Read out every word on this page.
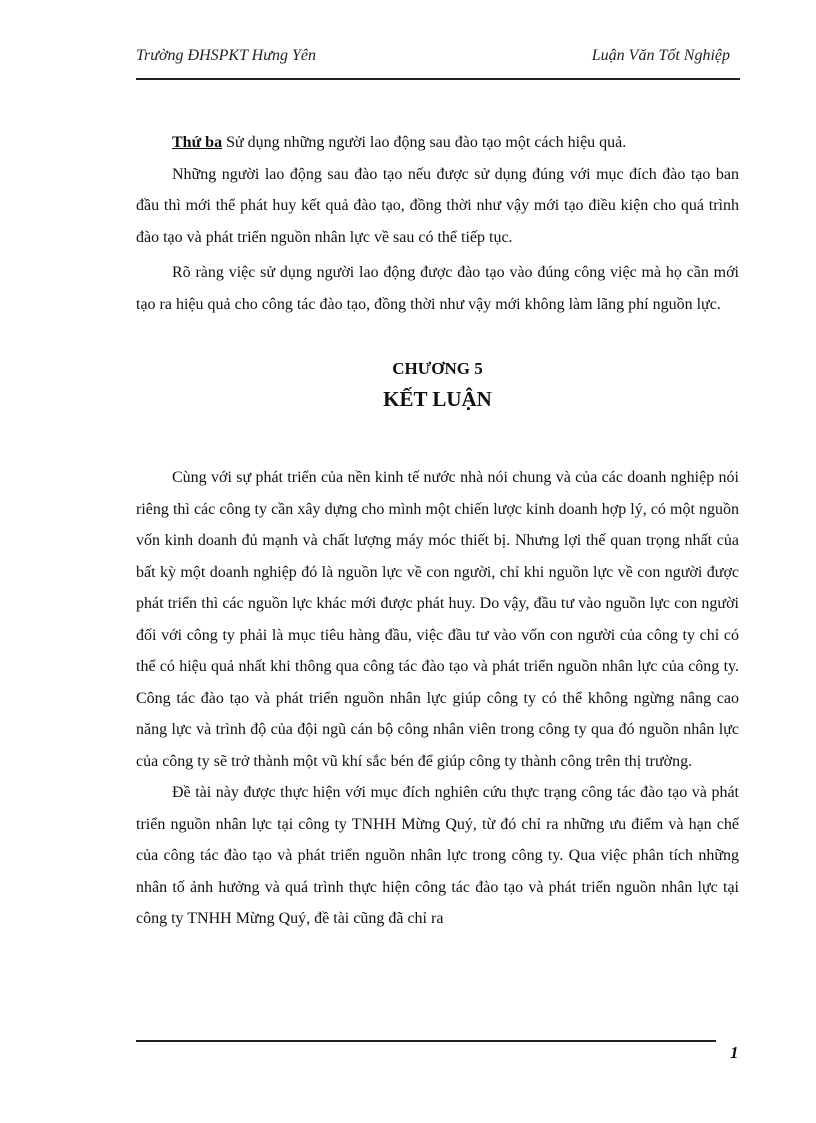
Trường ĐHSPKT Hưng Yên	Luận Văn Tốt Nghiệp

Thứ ba Sử dụng những người lao động sau đào tạo một cách hiệu quả.

Những người lao động sau đào tạo nếu được sử dụng đúng với mục đích đào tạo ban đầu thì mới thể phát huy kết quả đào tạo, đồng thời như vậy mới tạo điều kiện cho quá trình đào tạo và phát triển nguồn nhân lực về sau có thể tiếp tục.

Rõ ràng việc sử dụng người lao động được đào tạo vào đúng công việc mà họ cần mới tạo ra hiệu quả cho công tác đào tạo, đồng thời như vậy mới không làm lãng phí nguồn lực.

CHƯƠNG 5
KẾT LUẬN

Cùng với sự phát triển của nền kinh tế nước nhà nói chung và của các doanh nghiệp nói riêng thì các công ty cần xây dựng cho mình một chiến lược kinh doanh hợp lý, có một nguồn vốn kinh doanh đủ mạnh và chất lượng máy móc thiết bị. Nhưng lợi thế quan trọng nhất của bất kỳ một doanh nghiệp đó là nguồn lực về con người, chỉ khi nguồn lực về con người được phát triển thì các nguồn lực khác mới được phát huy. Do vậy, đầu tư vào nguồn lực con người đối với công ty phải là mục tiêu hàng đầu, việc đầu tư vào vốn con người của công ty chỉ có thể có hiệu quả nhất khi thông qua công tác đào tạo và phát triển nguồn nhân lực của công ty. Công tác đào tạo và phát triển nguồn nhân lực giúp công ty có thể không ngừng nâng cao năng lực và trình độ của đội ngũ cán bộ công nhân viên trong công ty qua đó nguồn nhân lực của công ty sẽ trở thành một vũ khí sắc bén để giúp công ty thành công trên thị trường.

Đề tài này được thực hiện với mục đích nghiên cứu thực trạng công tác đào tạo và phát triển nguồn nhân lực tại công ty TNHH Mừng Quý, từ đó chỉ ra những ưu điểm và hạn chế của công tác đào tạo và phát triển nguồn nhân lực trong công ty. Qua việc phân tích những nhân tố ảnh hưởng và quá trình thực hiện công tác đào tạo và phát triển nguồn nhân lực tại công ty TNHH Mừng Quý, đề tài cũng đã chỉ ra

1
